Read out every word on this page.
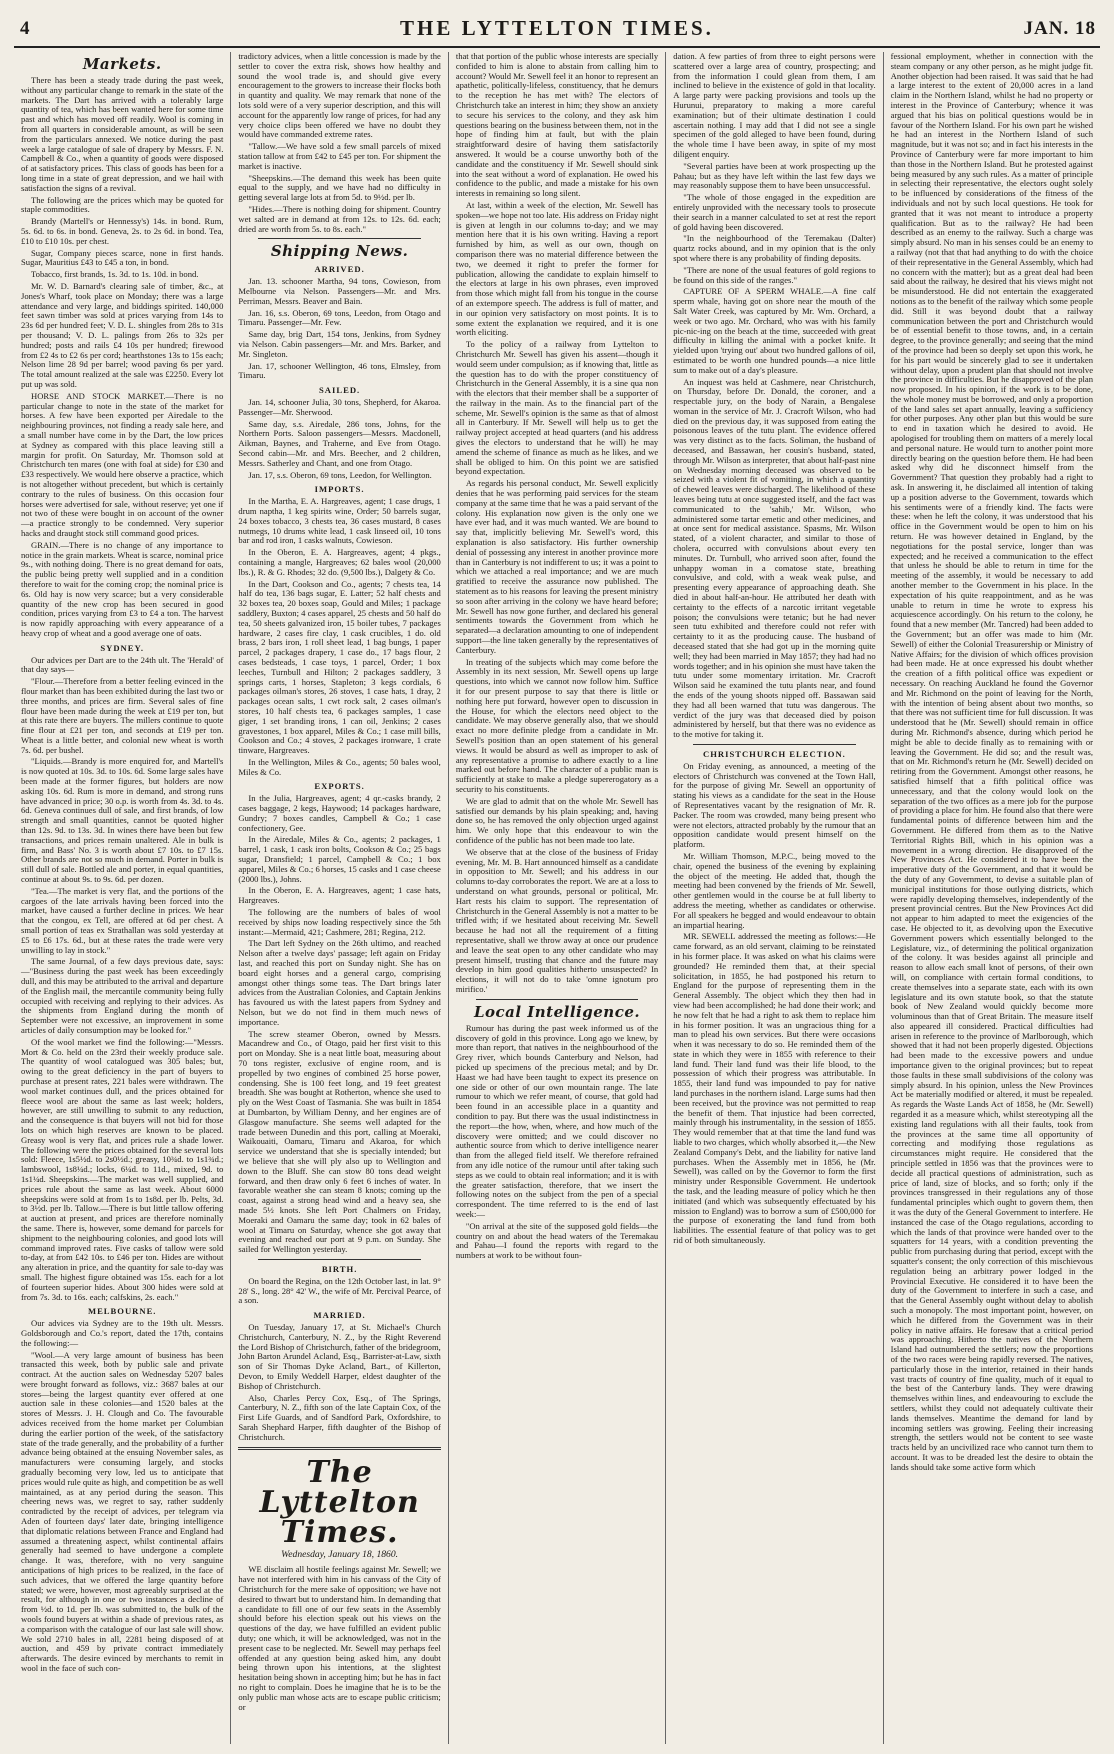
4	THE LYTTELTON TIMES.	JAN. 18
Markets.

There has been a steady trade during the past week, without any particular change to remark in the state of the markets. The Dart has arrived with a tolerably large quantity of tea, which has been wanted here for some time past and which has moved off readily. Wool is coming in from all quarters in considerable amount, as will be seen from the particulars annexed. We notice during the past week a large catalogue of sale of drapery by Messrs. F. N. Campbell & Co., when a quantity of goods were disposed of at satisfactory prices. This class of goods has been for a long time in a state of great depression, and we hail with satisfaction the signs of a revival.

The following are the prices which may be quoted for staple commodities.

Brandy (Martell's or Hennessy's) 14s. in bond. Rum, 5s. 6d. to 6s. in bond. Geneva, 2s. to 2s 6d. in bond. Tea, £10 to £10 10s. per chest.

Sugar, Company pieces scarce, none in first hands. Sugar, Mauritius £43 to £45 a ton, in bond.

Tobacco, first brands, 1s. 3d. to 1s. 10d. in bond.

Mr. W. D. Barnard's clearing sale of timber, &c., at Jones's Wharf, took place on Monday; there was a large attendance and very large, and biddings spirited. 140,000 feet sawn timber was sold at prices varying from 14s to 23s 6d per hundred feet; V. D. L. shingles from 28s to 31s per thousand; V. D. L. palings from 26s to 32s per hundred; posts and rails £4 10s per hundred; firewood from £2 4s to £2 6s per cord; hearthstones 13s to 15s each; Nelson lime 28 9d per barrel; wood paving 6s per yard. The total amount realized at the sale was £2250. Every lot put up was sold.

HORSE AND STOCK MARKET.—There is no particular change to note in the state of the market for horses. A few have been exported per Airedale to the neighbouring provinces, not finding a ready sale here, and a small number have come in by the Dart, the low prices at Sydney as compared with this place leaving still a margin for profit. On Saturday, Mr. Thomson sold at Christchurch ten mares (one with foal at side) for £30 and £33 respectively. We would here observe a practice, which is not altogether without precedent, but which is certainly contrary to the rules of business. On this occasion four horses were advertised for sale, without reserve; yet one if not two of these were bought in on account of the owner—a practice strongly to be condemned. Very superior hacks and draught stock still command good prices.

GRAIN.—There is no change of any importance to notice in the grain markets. Wheat is scarce, nominal price 9s., with nothing doing. There is no great demand for oats, the public being pretty well supplied and in a condition therefore to wait for the coming crop; the nominal price is 6s. Old hay is now very scarce; but a very considerable quantity of the new crop has been secured in good condition, prices varying from £3 to £4 a ton. The harvest is now rapidly approaching with every appearance of a heavy crop of wheat and a good average one of oats.

SYDNEY.

Our advices per Dart are to the 24th ult. The 'Herald' of that day says—

"Flour.—Therefore from a better feeling evinced in the flour market than has been exhibited during the last two or three months, and prices are firm. Several sales of fine flour have been made during the week at £19 per ton, but at this rate there are buyers. The millers continue to quote fine flour at £21 per ton, and seconds at £19 per ton. Wheat is a little better, and colonial new wheat is worth 7s. 6d. per bushel.

"Liquids.—Brandy is more enquired for, and Martell's is now quoted at 10s. 3d. to 10s. 6d. Some large sales have been made at the former figures, but holders are now asking 10s. 6d. Rum is more in demand, and strong runs have advanced in price; 30 o.p. is worth from 4s. 3d. to 4s. 6d. Geneva continues dull of sale, and first brands, of low strength and small quantities, cannot be quoted higher than 12s. 9d. to 13s. 3d. In wines there have been but few transactions, and prices remain unaltered. Ale in bulk is firm, and Bass' No. 3 is worth about £7 10s. to £7 15s. Other brands are not so much in demand. Porter in bulk is still dull of sale. Bottled ale and porter, in equal quantities, continue at about 9s. to 9s. 6d. per dozen.

"Tea.—The market is very flat, and the portions of the cargoes of the late arrivals having been forced into the market, have caused a further decline in prices. We hear that the congou, ex Tell, are offered at 6d per chest. A small portion of teas ex Strathallan was sold yesterday at £5 to £6 17s. 6d., but at these rates the trade were very unwilling to lay in stock."

The same Journal, of a few days previous date, says:—"Business during the past week has been exceedingly dull, and this may be attributed to the arrival and departure of the English mail, the mercantile community being fully occupied with receiving and replying to their advices. As the shipments from England during the month of September were not excessive, an improvement in some articles of daily consumption may be looked for."

Of the wool market we find the following:—"Messrs. Mort & Co. held on the 23rd their weekly produce sale. The quantity of wool catalogued was 305 bales; but, owing to the great deficiency in the part of buyers to purchase at present rates, 221 bales were withdrawn. The wool market continues dull, and the prices obtained for fleece wool are about the same as last week; holders, however, are still unwilling to submit to any reduction, and the consequence is that buyers will not bid for those lots on which high reserves are known to be placed. Greasy wool is very flat, and prices rule a shade lower. The following were the prices obtained for the several lots sold: Fleece, 1s5½d. to 2s0½d.; greasy, 10¾d. to 1s1¾d.; lambswool, 1s8¼d.; locks, 6¼d. to 11d., mixed, 9d. to 1s1¼d. Sheepskins.—The market was well supplied, and prices rule about the same as last week. About 6000 sheepskins were sold at from 1s to 1s8d. per lb. Pelts, 3d. to 3½d. per lb. Tallow.—There is but little tallow offering at auction at present, and prices are therefore nominally the same. There is, however, some demand for parcels for shipment to the neighbouring colonies, and good lots will command improved rates. Five casks of tallow were sold to-day, at from £42 10s. to £46 per ton. Hides are without any alteration in price, and the quantity for sale to-day was small. The highest figure obtained was 15s. each for a lot of fourteen superior hides. About 300 hides were sold at from 7s. 3d. to 16s. each; calfskins, 2s. each."

MELBOURNE.

Our advices via Sydney are to the 19th ult. Messrs. Goldsborough and Co.'s report, dated the 17th, contains the following:—

"Wool.—A very large amount of business has been transacted this week, both by public sale and private contract. At the auction sales on Wednesday 5207 bales were brought forward as follows, viz.: 3687 bales at our stores—being the largest quantity ever offered at one auction sale in these colonies—and 1520 bales at the stores of Messrs. J. H. Clough and Co. The favourable advices received from the home market per Columbian during the earlier portion of the week, of the satisfactory state of the trade generally, and the probability of a further advance being obtained at the ensuing November sales, as manufacturers were consuming largely, and stocks gradually becoming very low, led us to anticipate that prices would rule quite as high, and competition be as well maintained, as at any period during the season. This cheering news was, we regret to say, rather suddenly contradicted by the receipt of advices, per telegram via Aden of fourteen days' later date, bringing intelligence that diplomatic relations between France and England had assumed a threatening aspect, whilst continental affairs generally had seemed to have undergone a complete change. It was, therefore, with no very sanguine anticipations of high prices to be realized, in the face of such advices, that we offered the large quantity before stated; we were, however, most agreeably surprised at the result, for although in one or two instances a decline of from ½d. to 1d. per lb. was submitted to, the bulk of the wools found buyers at within a shade of previous rates, as a comparison with the catalogue of our last sale will show. We sold 2710 bales in all, 2281 being disposed of at auction, and 459 by private contract immediately afterwards. The desire evinced by merchants to remit in wool in the face of such con-

tradictory advices, when a little concession is made by the settler to cover the extra risk, shows how healthy and sound the wool trade is, and should give every encouragement to the growers to increase their flocks both in quantity and quality. We may remark that none of the lots sold were of a very superior description, and this will account for the apparently low range of prices, for had any very choice clips been offered we have no doubt they would have commanded extreme rates.

"Tallow.—We have sold a few small parcels of mixed station tallow at from £42 to £45 per ton. For shipment the market is inactive.

"Sheepskins.—The demand this week has been quite equal to the supply, and we have had no difficulty in getting several large lots at from 5d. to 9½d. per lb.

"Hides.—There is nothing doing for shipment. Country wet salted are in demand at from 12s. to 12s. 6d. each; dried are worth from 5s. to 8s. each."

Shipping News.
ARRIVED.

Jan. 13. schooner Martha, 94 tons, Cowieson, from Melbourne via Nelson. Passengers—Mr. and Mrs. Perriman, Messrs. Beaver and Bain.

Jan. 16, s.s. Oberon, 69 tons, Leedon, from Otago and Timaru. Passenger—Mr. Few.

Same day, brig Dart, 154 tons, Jenkins, from Sydney via Nelson. Cabin passengers—Mr. and Mrs. Barker, and Mr. Singleton.

Jan. 17, schooner Wellington, 46 tons, Elmsley, from Timaru.

SAILED.

Jan. 14, schooner Julia, 30 tons, Shepherd, for Akaroa. Passenger—Mr. Sherwood.

Same day, s.s. Airedale, 286 tons, Johns, for the Northern Ports. Saloon passengers—Messrs. Macdonell, Aikman, Baynes, and Traherne, and Eve from Otago. Second cabin—Mr. and Mrs. Beecher, and 2 children, Messrs. Satherley and Chant, and one from Otago.

Jan. 17, s.s. Oberon, 69 tons, Leedon, for Wellington.

IMPORTS.

In the Martha, E. A. Hargreaves, agent; 1 case drugs, 1 drum naptha, 1 keg spirits wine, Order; 50 barrels sugar, 24 boxes tobacco, 3 chests tea, 36 cases mustard, 8 cases nutmegs, 10 drums white lead, 1 cask linseed oil, 10 tons bar and rod iron, 1 casks walnuts, Cowieson.

In the Oberon, E. A. Hargreaves, agent; 4 pkgs., containing a mangle, Hargreaves; 62 bales wool (20,000 lbs.), R. & G. Rhodes; 32 do. (9,500 lbs.), Dalgety & Co.

In the Dart, Cookson and Co., agents; 7 chests tea, 14 half do tea, 136 bags sugar, E. Latter; 52 half chests and 32 boxes tea, 20 boxes soap, Gould and Miles; 1 package saddlery, Buxton; 4 cases apparel, 25 chests and 50 half do tea, 50 sheets galvanized iron, 15 boiler tubes, 7 packages hardware, 2 cases fire clay, 1 cask crucibles, 1 do. old brass, 2 bars iron, 1 roll sheet lead, 1 bag bungs, 1 paper parcel, 2 packages drapery, 1 case do., 17 bags flour, 2 cases bedsteads, 1 case toys, 1 parcel, Order; 1 box leeches, Turnbull and Hilton; 2 packages saddlery, 3 springs carts, 1 horses, Stapleton; 3 kegs cordials, 6 packages oilman's stores, 26 stoves, 1 case hats, 1 dray, 2 packages ocean salts, 1 cwt rock salt, 2 cases oilman's stores, 10 half chests tea, 6 packages samples, 1 case giger, 1 set branding irons, 1 can oil, Jenkins; 2 cases gravestones, 1 box apparel, Miles & Co.; 1 case mill bills, Cookson and Co.; 4 stoves, 2 packages ironware, 1 crate tinware, Hargreaves.

In the Wellington, Miles & Co., agents; 50 bales wool, Miles & Co.

EXPORTS.

In the Julia, Hargreaves, agent; 4 qr.-casks brandy, 2 cases baggage, 2 kegs, Haywood; 14 packages hardware, Gundry; 7 boxes candles, Campbell & Co.; 1 case confectionery, Gee.

In the Airedale, Miles & Co., agents; 2 packages, 1 barrel, 1 cask, 1 cask iron bolts, Cookson & Co.; 25 bags sugar, Dransfield; 1 parcel, Campbell & Co.; 1 box apparel, Miles & Co.; 6 horses, 15 casks and 1 case cheese (2000 lbs.), Johns.

In the Oberon, E. A. Hargreaves, agent; 1 case hats, Hargreaves.

The following are the numbers of bales of wool received by ships now loading respectively since the 5th instant:—Mermaid, 421; Cashmere, 281; Regina, 212.

The Dart left Sydney on the 26th ultimo, and reached Nelson after a twelve days' passage; left again on Friday last, and reached this port on Sunday night. She has on board eight horses and a general cargo, comprising amongst other things some teas. The Dart brings later advices from the Australian Colonies, and Captain Jenkins has favoured us with the latest papers from Sydney and Nelson, but we do not find in them much news of importance.

The screw steamer Oberon, owned by Messrs. Macandrew and Co., of Otago, paid her first visit to this port on Monday. She is a neat little boat, measuring about 70 tons register, exclusive of engine room, and is propelled by two engines of combined 25 horse power, condensing. She is 100 feet long, and 19 feet greatest breadth. She was bought at Rotherton, whence she used to ply on the West Coast of Tasmania. She was built in 1854 at Dumbarton, by William Denny, and her engines are of Glasgow manufacture. She seems well adapted for the trade between Dunedin and this port, calling at Moeraki, Waikouaiti, Oamaru, Timaru and Akaroa, for which service we understand that she is specially intended; but we believe that she will ply also up to Wellington and down to the Bluff. She can stow 80 tons dead weight forward, and then draw only 6 feet 6 inches of water. In favorable weather she can steam 8 knots; coming up the coast, against a strong head wind and a heavy sea, she made 5½ knots. She left Port Chalmers on Friday, Moeraki and Oamaru the same day; took in 62 bales of wool at Timaru on Saturday, whence she got away that evening and reached our port at 9 p.m. on Sunday. She sailed for Wellington yesterday.

BIRTH.

On board the Regina, on the 12th October last, in lat. 9° 28' S., long. 28° 42' W., the wife of Mr. Percival Pearce, of a son.

MARRIED.

On Tuesday, January 17, at St. Michael's Church Christchurch, Canterbury, N. Z., by the Right Reverend the Lord Bishop of Christchurch, father of the bridegroom, John Barton Arundel Acland, Esq., Barrister-at-Law, sixth son of Sir Thomas Dyke Acland, Bart., of Killerton, Devon, to Emily Weddell Harper, eldest daughter of the Bishop of Christchurch.

Also, Charles Percy Cox, Esq., of The Springs, Canterbury, N. Z., fifth son of the late Captain Cox, of the First Life Guards, and of Sandford Park, Oxfordshire, to Sarah Shephard Harper, fifth daughter of the Bishop of Christchurch.

The Lyttelton Times.
Wednesday, January 18, 1860.

WE disclaim all hostile feelings against Mr. Sewell; we have not interfered with him in his canvass of the City of Christchurch for the mere sake of opposition; we have not desired to thwart but to understand him. In demanding that a candidate to fill one of our few seats in the Assembly should before his election speak out his views on the questions of the day, we have fulfilled an evident public duty; one which, it will be acknowledged, was not in the present case to be neglected. Mr. Sewell may perhaps feel offended at any question being asked him, any doubt being thrown upon his intentions, at the slightest hesitation being shown in accepting him; but he has in fact no right to complain. Does he imagine that he is to be the only public man whose acts are to escape public criticism; or

that that portion of the public whose interests are specially confided to him is alone to abstain from calling him to account? Would Mr. Sewell feel it an honor to represent an apathetic, politically-lifeless, constituency, that he demurs to the reception he has met with? The electors of Christchurch take an interest in him; they show an anxiety to secure his services to the colony, and they ask him questions bearing on the business between them, not in the hope of finding him at fault, but with the plain straightforward desire of having them satisfactorily answered. It would be a course unworthy both of the candidate and the constituency if Mr. Sewell should sink into the seat without a word of explanation. He owed his confidence to the public, and made a mistake for his own interests in remaining so long silent.

At last, within a week of the election, Mr. Sewell has spoken—we hope not too late. His address on Friday night is given at length in our columns to-day; and we may mention here that it is his own writing. Having a report furnished by him, as well as our own, though on comparison there was no material difference between the two, we deemed it right to prefer the former for publication, allowing the candidate to explain himself to the electors at large in his own phrases, even improved from those which might fall from his tongue in the course of an extempore speech. The address is full of matter, and in our opinion very satisfactory on most points. It is to some extent the explanation we required, and it is one worth eliciting.

To the policy of a railway from Lyttelton to Christchurch Mr. Sewell has given his assent—though it would seem under compulsion; as if knowing that, little as the question has to do with the proper constituency of Christchurch in the General Assembly, it is a sine qua non with the electors that their member shall be a supporter of the railway in the main. As to the financial part of the scheme, Mr. Sewell's opinion is the same as that of almost all in Canterbury. If Mr. Sewell will help us to get the railway project accepted at head quarters (and his address gives the electors to understand that he will) he may amend the scheme of finance as much as he likes, and we shall be obliged to him. On this point we are satisfied beyond expectation.

As regards his personal conduct, Mr. Sewell explicitly denies that he was performing paid services for the steam company at the same time that he was a paid servant of the colony. His explanation now given is the only one we have ever had, and it was much wanted. We are bound to say that, implicitly believing Mr. Sewell's word, this explanation is also satisfactory. His further ownership denial of possessing any interest in another province more than in Canterbury is not indifferent to us; it was a point to which we attached a real importance; and we are much gratified to receive the assurance now published. The statement as to his reasons for leaving the present ministry so soon after arriving in the colony we have heard before; Mr. Sewell has now gone further, and declared his general sentiments towards the Government from which he separated—a declaration amounting to one of independent support—the line taken generally by the representatives of Canterbury.

In treating of the subjects which may come before the Assembly in its next session, Mr. Sewell opens up large questions, into which we cannot now follow him. Suffice it for our present purpose to say that there is little or nothing here put forward, however open to discussion in the House, for which the electors need object to the candidate. We may observe generally also, that we should exact no more definite pledge from a candidate in Mr. Sewell's position than an open statement of his general views. It would be absurd as well as improper to ask of any representative a promise to adhere exactly to a line marked out before hand. The character of a public man is sufficiently at stake to make a pledge supererogatory as a security to his constituents.

We are glad to admit that on the whole Mr. Sewell has satisfied our demands by his plain speaking; and, having done so, he has removed the only objection urged against him. We only hope that this endeavour to win the confidence of the public has not been made too late.

We observe that at the close of the business of Friday evening, Mr. M. B. Hart announced himself as a candidate in opposition to Mr. Sewell; and his address in our columns to-day corroborates the report. We are at a loss to understand on what grounds, personal or political, Mr. Hart rests his claim to support. The representation of Christchurch in the General Assembly is not a matter to be trifled with; if we hesitated about receiving Mr. Sewell because he had not all the requirement of a fitting representative, shall we throw away at once our prudence and leave the seat open to any other candidate who may present himself, trusting that chance and the future may develop in him good qualities hitherto unsuspected? In elections, it will not do to take 'omne ignotum pro mirifico.'

Local Intelligence.

Rumour has during the past week informed us of the discovery of gold in this province. Long ago we knew, by more than report, that natives in the neighbourhood of the Grey river, which bounds Canterbury and Nelson, had picked up specimens of the precious metal; and by Dr. Haast we had have been taught to expect its presence on one side or other of our own mountain range. The late rumour to which we refer meant, of course, that gold had been found in an accessible place in a quantity and condition to pay. But there was the usual indistinctness in the report—the how, when, where, and how much of the discovery were omitted; and we could discover no authentic source from which to derive intelligence nearer than from the alleged field itself. We therefore refrained from any idle notice of the rumour until after taking such steps as we could to obtain real information; and it is with the greater satisfaction, therefore, that we insert the following notes on the subject from the pen of a special correspondent. The time referred to is the end of last week:—

"On arrival at the site of the supposed gold fields—the country on and about the head waters of the Teremakau and Pahau—I found the reports with regard to the numbers at work to be without foun-

dation. A few parties of from three to eight persons were scattered over a large area of country, prospecting; and from the information I could glean from them, I am inclined to believe in the existence of gold in that locality. A large party were packing provisions and tools up the Hurunui, preparatory to making a more careful examination; but of their ultimate destination I could ascertain nothing. I may add that I did not see a single specimen of the gold alleged to have been found, during the whole time I have been away, in spite of my most diligent enquiry.

"Several parties have been at work prospecting up the Pahau; but as they have left within the last few days we may reasonably suppose them to have been unsuccessful.

"The whole of those engaged in the expedition are entirely unprovided with the necessary tools to prosecute their search in a manner calculated to set at rest the report of gold having been discovered.

"In the neighbourhood of the Teremakau (Dalter) quartz rocks abound, and in my opinion that is the only spot where there is any probability of finding deposits.

"There are none of the usual features of gold regions to be found on this side of the ranges."

CAPTURE OF A SPERM WHALE.—A fine calf sperm whale, having got on shore near the mouth of the Salt Water Creek, was captured by Mr. Wm. Orchard, a week or two ago. Mr. Orchard, who was with his family pic-nic-ing on the beach at the time, succeeded with great difficulty in killing the animal with a pocket knife. It yielded upon 'trying out' about two hundred gallons of oil, estimated to be worth one hundred pounds—a nice little sum to make out of a day's pleasure.

An inquest was held at Cashmere, near Christchurch, on Thursday, before Dr. Donald, the coroner, and a respectable jury, on the body of Narain, a Bengalese woman in the service of Mr. J. Cracroft Wilson, who had died on the previous day, it was supposed from eating the poisonous leaves of the tutu plant. The evidence offered was very distinct as to the facts. Soliman, the husband of deceased, and Bassawan, her cousin's husband, stated, through Mr. Wilson as interpreter, that about half-past nine on Wednesday morning deceased was observed to be seized with a violent fit of vomiting, in which a quantity of chewed leaves were discharged. The likelihood of these leaves being tutu at once suggested itself, and the fact was communicated to the 'sahib,' Mr. Wilson, who administered some tartar emetic and other medicines, and at once sent for medical assistance. Spasms, Mr. Wilson stated, of a violent character, and similar to those of cholera, occurred with convulsions about every ten minutes. Dr. Turnbull, who arrived soon after, found the unhappy woman in a comatose state, breathing convulsive, and cold, with a weak weak pulse, and presenting every appearance of approaching death. She died in about half-an-hour. He attributed her death with certainty to the effects of a narcotic irritant vegetable poison; the convulsions were tetanic; but he had never seen tutu exhibited and therefore could not refer with certainty to it as the producing cause. The husband of deceased stated that she had got up in the morning quite well; they had been married in May 1857; they had had no words together; and in his opinion she must have taken the tutu under some momentary irritation. Mr. Cracroft Wilson said he examined the tutu plants near, and found the ends of the young shoots nipped off. Bassawan said they had all been warned that tutu was dangerous. The verdict of the jury was that deceased died by poison administered by herself, but that there was no evidence as to the motive for taking it.

CHRISTCHURCH ELECTION.

On Friday evening, as announced, a meeting of the electors of Christchurch was convened at the Town Hall, for the purpose of giving Mr. Sewell an opportunity of stating his views as a candidate for the seat in the House of Representatives vacant by the resignation of Mr. R. Packer. The room was crowded, many being present who were not electors, attracted probably by the rumour that an opposition candidate would present himself on the platform.

Mr. William Thomson, M.P.C., being moved to the chair, opened the business of the evening by explaining the object of the meeting. He added that, though the meeting had been convened by the friends of Mr. Sewell, other gentlemen would in the course be at full liberty to address the meeting, whether as candidates or otherwise. For all speakers he begged and would endeavour to obtain an impartial hearing.

MR. SEWELL addressed the meeting as follows:—He came forward, as an old servant, claiming to be reinstated in his former place. It was asked on what his claims were grounded? He reminded them that, at their special solicitation, in 1855, he had postponed his return to England for the purpose of representing them in the General Assembly. The object which they then had in view had been accomplished; he had done their work; and he now felt that he had a right to ask them to replace him in his former position. It was an ungracious thing for a man to plead his own services. But there were occasions when it was necessary to do so. He reminded them of the state in which they were in 1855 with reference to their land fund. Their land fund was their life blood, to the possession of which their progress was attributable. In 1855, their land fund was impounded to pay for native land purchases in the northern island. Large sums had then been received, but the province was not permitted to reap the benefit of them. That injustice had been corrected, mainly through his instrumentality, in the session of 1855. They would remember that at that time the land fund was liable to two charges, which wholly absorbed it,—the New Zealand Company's Debt, and the liability for native land purchases. When the Assembly met in 1856, he (Mr. Sewell), was called on by the Governor to form the first ministry under Responsible Government. He undertook the task, and the leading measure of policy which he then initiated (and which was subsequently effectuated by his mission to England) was to borrow a sum of £500,000 for the purpose of exonerating the land fund from both liabilities. The essential feature of that policy was to get rid of both simultaneously.

fessional employment, whether in connection with the steam company or any other person, as he might judge fit. Another objection had been raised. It was said that he had a large interest to the extent of 20,000 acres in a land claim in the Northern Island, whilst he had no property or interest in the Province of Canterbury; whence it was argued that his bias on political questions would be in favour of the Northern Island. For his own part he wished he had an interest in the Northern Island of such magnitude, but it was not so; and in fact his interests in the Province of Canterbury were far more important to him than those in the Northern Island. But he protested against being measured by any such rules. As a matter of principle in selecting their representative, the electors ought solely to be influenced by considerations of the fitness of the individuals and not by such local questions. He took for granted that it was not meant to introduce a property qualification. But as to the railway? He had been described as an enemy to the railway. Such a charge was simply absurd. No man in his senses could be an enemy to a railway (not that that had anything to do with the choice of their representative in the General Assembly, which had no concern with the matter); but as a great deal had been said about the railway, he desired that his views might not be misunderstood. He did not entertain the exaggerated notions as to the benefit of the railway which some people did. Still it was beyond doubt that a railway communication between the port and Christchurch would be of essential benefit to those towns, and, in a certain degree, to the province generally; and seeing that the mind of the province had been so deeply set upon this work, he for his part would be sincerely glad to see it undertaken without delay, upon a prudent plan that should not involve the province in difficulties. But he disapproved of the plan now proposed. In his opinion, if the work is to be done, the whole money must be borrowed, and only a proportion of the land sales set apart annually, leaving a sufficiency for other purposes. Any other plan but this would be sure to end in taxation which he desired to avoid. He apologised for troubling them on matters of a merely local and personal nature. He would turn to another point more directly bearing on the question before them. He had been asked why did he disconnect himself from the Government? That question they probably had a right to ask. In answering it, he disclaimed all intention of taking up a position adverse to the Government, towards which his sentiments were of a friendly kind. The facts were these: when he left the colony, it was understood that his office in the Government would be open to him on his return. He was however detained in England, by the negotiations for the postal service, longer than was expected; and he received a communication to the effect that unless he should be able to return in time for the meeting of the assembly, it would be necessary to add another member to the Government in his place. In the expectation of his quite reappointment, and as he was unable to return in time he wrote to express his acquiescence accordingly. On his return to the colony, he found that a new member (Mr. Tancred) had been added to the Government; but an offer was made to him (Mr. Sewell) of either the Colonial Treasurership or Ministry of Native Affairs; for the division of which offices provision had been made. He at once expressed his doubt whether the creation of a fifth political office was expedient or necessary. On reaching Auckland he found the Governor and Mr. Richmond on the point of leaving for the North, with the intention of being absent about two months, so that there was not sufficient time for full discussion. It was understood that he (Mr. Sewell) should remain in office during Mr. Richmond's absence, during which period he might be able to decide finally as to remaining with or leaving the Government. He did so; and the result was, that on Mr. Richmond's return he (Mr. Sewell) decided on retiring from the Government. Amongst other reasons, he satisfied himself that a fifth political office was unnecessary, and that the colony would look on the separation of the two offices as a mere job for the purpose of providing a place for him. He found also that there were fundamental points of difference between him and the Government. He differed from them as to the Native Territorial Rights Bill, which in his opinion was a movement in a wrong direction. He disapproved of the New Provinces Act. He considered it to have been the imperative duty of the Government, and that it would be the duty of any Government, to devise a suitable plan of municipal institutions for those outlying districts, which were rapidly developing themselves, independently of the present provincial centres. But the New Provinces Act did not appear to him adapted to meet the exigencies of the case. He objected to it, as devolving upon the Executive Government powers which essentially belonged to the Legislature, viz., of determining the political organization of the colony. It was besides against all principle and reason to allow each small knot of persons, of their own will, on compliance with certain formal conditions, to create themselves into a separate state, each with its own legislature and its own statute book, so that the statute book of New Zealand would quickly become more voluminous than that of Great Britain. The measure itself also appeared ill considered. Practical difficulties had arisen in reference to the province of Marlborough, which showed that it had not been properly digested. Objections had been made to the excessive powers and undue importance given to the original provinces; but to repeat those faults in these small subdivisions of the colony was simply absurd. In his opinion, unless the New Provinces Act be materially modified or altered, it must be repealed. As regards the Waste Lands Act of 1858, he (Mr. Sewell) regarded it as a measure which, whilst stereotyping all the existing land regulations with all their faults, took from the provinces at the same time all opportunity of correcting and modifying those regulations as circumstances might require. He considered that the principle settled in 1856 was that the provinces were to decide all practical questions of administration, such as price of land, size of blocks, and so forth; only if the provinces transgressed in their regulations any of those fundamental principles which ought to govern them, then it was the duty of the General Government to interfere. He instanced the case of the Otago regulations, according to which the lands of that province were handed over to the squatters for 14 years, with a condition preventing the public from purchasing during that period, except with the squatter's consent; the only correction of this mischievous regulation being an arbitrary power lodged in the Provincial Executive. He considered it to have been the duty of the Government to interfere in such a case, and that the General Assembly ought without delay to abolish such a monopoly. The most important point, however, on which he differed from the Government was in their policy in native affairs. He foresaw that a critical period was approaching. Hitherto the natives of the Northern Island had outnumbered the settlers; now the proportions of the two races were being rapidly reversed. The natives, particularly those in the interior, retained in their hands vast tracts of country of fine quality, much of it equal to the best of the Canterbury lands. They were drawing themselves within lines, and endeavouring to exclude the settlers, whilst they could not adequately cultivate their lands themselves. Meantime the demand for land by incoming settlers was growing. Feeling their increasing strength, the settlers would not be content to see waste tracts held by an uncivilized race who cannot turn them to account. It was to be dreaded lest the desire to obtain the lands should take some active form which
